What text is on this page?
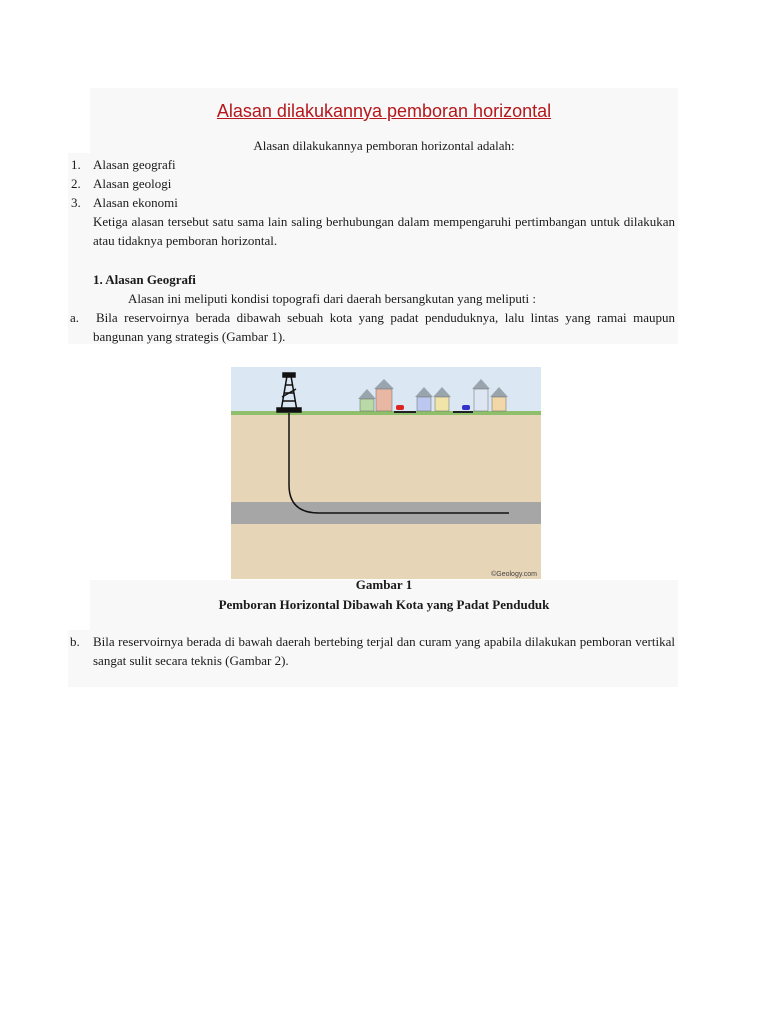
Alasan dilakukannya pemboran horizontal
Alasan dilakukannya pemboran horizontal adalah:
1. Alasan geografi
2. Alasan geologi
3. Alasan ekonomi
Ketiga alasan tersebut satu sama lain saling berhubungan dalam mempengaruhi pertimbangan untuk dilakukan atau tidaknya pemboran horizontal.
1. Alasan Geografi
Alasan ini meliputi kondisi topografi dari daerah bersangkutan yang meliputi :
a. Bila reservoirnya berada dibawah sebuah kota yang padat penduduknya, lalu lintas yang ramai maupun bangunan yang strategis (Gambar 1).
©Geology.com
Gambar 1
Pemboran Horizontal Dibawah Kota yang Padat Penduduk
b. Bila reservoirnya berada di bawah daerah bertebing terjal dan curam yang apabila dilakukan pemboran vertikal sangat sulit secara teknis (Gambar 2).
